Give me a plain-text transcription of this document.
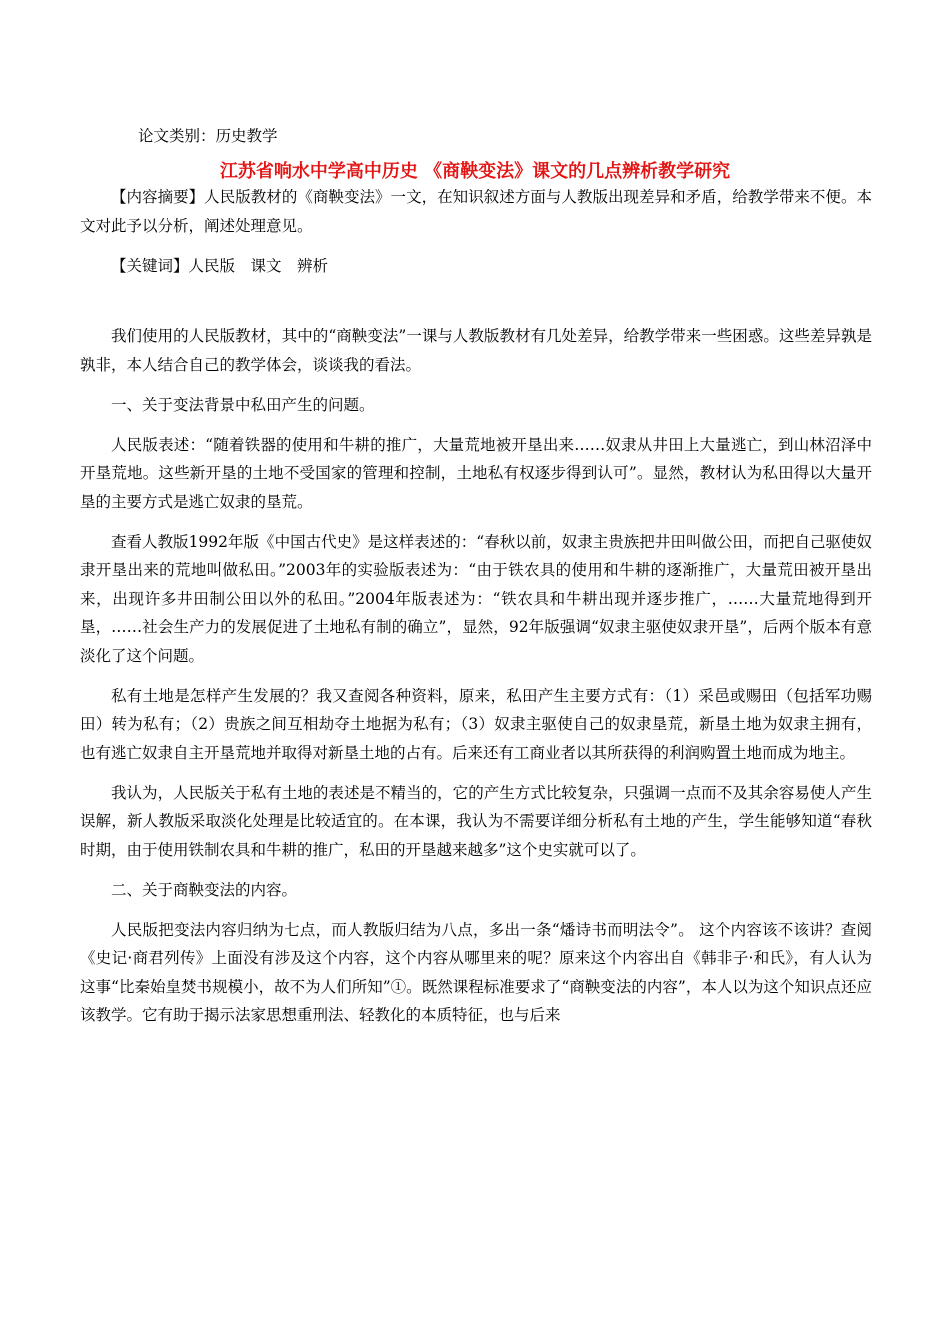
论文类别：历史教学
江苏省响水中学高中历史 《商鞅变法》课文的几点辨析教学研究

【内容摘要】人民版教材的《商鞅变法》一文，在知识叙述方面与人教版出现差异和矛盾，给教学带来不便。本文对此予以分析，阐述处理意见。

【关键词】人民版　课文　辨析

我们使用的人民版教材，其中的“商鞅变法”一课与人教版教材有几处差异，给教学带来一些困惑。这些差异孰是孰非，本人结合自己的教学体会，谈谈我的看法。

一、关于变法背景中私田产生的问题。

人民版表述：“随着铁器的使用和牛耕的推广，大量荒地被开垦出来……奴隶从井田上大量逃亡，到山林沼泽中开垦荒地。这些新开垦的土地不受国家的管理和控制，土地私有权逐步得到认可”。显然，教材认为私田得以大量开垦的主要方式是逃亡奴隶的垦荒。

查看人教版1992年版《中国古代史》是这样表述的：“春秋以前，奴隶主贵族把井田叫做公田，而把自己驱使奴隶开垦出来的荒地叫做私田。”2003年的实验版表述为：“由于铁农具的使用和牛耕的逐渐推广，大量荒田被开垦出来，出现许多井田制公田以外的私田。”2004年版表述为：“铁农具和牛耕出现并逐步推广，……大量荒地得到开垦，……社会生产力的发展促进了土地私有制的确立”，显然，92年版强调“奴隶主驱使奴隶开垦”，后两个版本有意淡化了这个问题。

私有土地是怎样产生发展的？我又查阅各种资料，原来，私田产生主要方式有：（1）采邑或赐田（包括军功赐田）转为私有；（2）贵族之间互相劫夺土地据为私有；（3）奴隶主驱使自己的奴隶垦荒，新垦土地为奴隶主拥有，也有逃亡奴隶自主开垦荒地并取得对新垦土地的占有。后来还有工商业者以其所获得的利润购置土地而成为地主。

我认为，人民版关于私有土地的表述是不精当的，它的产生方式比较复杂，只强调一点而不及其余容易使人产生误解，新人教版采取淡化处理是比较适宜的。在本课，我认为不需要详细分析私有土地的产生，学生能够知道“春秋时期，由于使用铁制农具和牛耕的推广，私田的开垦越来越多”这个史实就可以了。

二、关于商鞅变法的内容。

人民版把变法内容归纳为七点，而人教版归结为八点，多出一条“燔诗书而明法令”。 这个内容该不该讲？查阅《史记·商君列传》上面没有涉及这个内容，这个内容从哪里来的呢？原来这个内容出自《韩非子·和氏》，有人认为这事“比秦始皇焚书规模小，故不为人们所知”①。既然课程标准要求了“商鞅变法的内容”，本人以为这个知识点还应该教学。它有助于揭示法家思想重刑法、轻教化的本质特征，也与后来
